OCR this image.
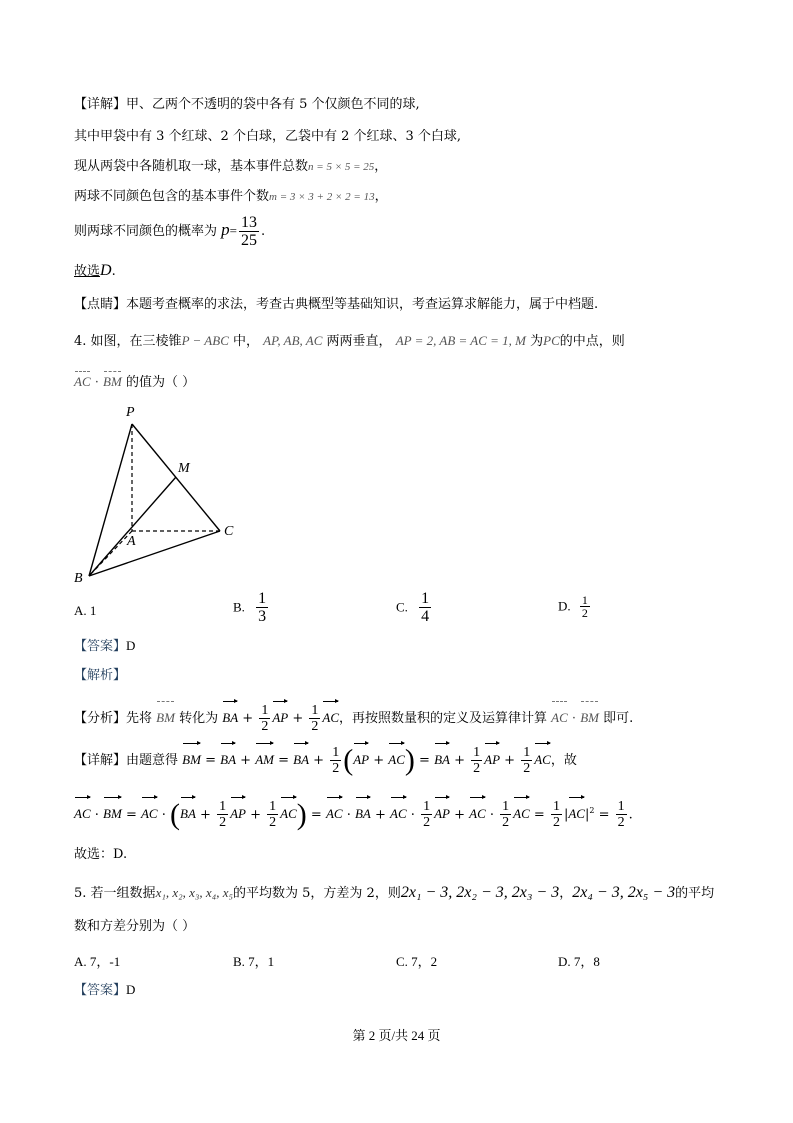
【详解】甲、乙两个不透明的袋中各有 5 个仅颜色不同的球,
其中甲袋中有 3 个红球、2 个白球，乙袋中有 2 个红球、3 个白球,
现从两袋中各随机取一球，基本事件总数n = 5 × 5 = 25，
两球不同颜色包含的基本事件个数m = 3 × 3 + 2 × 2 = 13，
则两球不同颜色的概率为 $p= \frac{13}{25}$ .
故选D.
【点睛】本题考查概率的求法，考查古典概型等基础知识，考查运算求解能力，属于中档题.
4. 如图，在三棱锥P − ABC 中， AP, AB, AC 两两垂直， AP = 2, AB = AC = 1, M 为PC的中点，则
AC · BM 的值为（ ）
P
M
A
C
B
A. 1	B. $\frac{1}{3}$	C. $\frac{1}{4}$	D. $\frac{1}{2}$
【答案】D
【解析】
【分析】先将 BM 转化为 BA + $\frac{1}{2}$ AP + $\frac{1}{2}$ AC，再按照数量积的定义及运算律计算 AC · BM 即可.
【详解】由题意得 BM = BA + AM = BA + $\frac{1}{2} (AP + AC)$ = BA + $\frac{1}{2}$ AP + $\frac{1}{2}$ AC，故
AC · BM = AC · ($BA + \frac{1}{2}$ AP + $\frac{1}{2} AC$) = AC · BA + AC · $\frac{1}{2}$ AP + AC · $\frac{1}{2}$ AC = $\frac{1}{2} |AC|^2 = \frac{1}{2}$ .
故选：D.
5. 若一组数据x₁, x₂, x₃, x₄, x₅的平均数为 5，方差为 2，则2x₁ − 3, 2x₂ − 3, 2x₃ − 3，2x₄ − 3, 2x₅ − 3的平均
数和方差分别为（ ）
A. 7，-1	B. 7，1	C. 7，2	D. 7，8
【答案】D
第 2 页/共 24 页
